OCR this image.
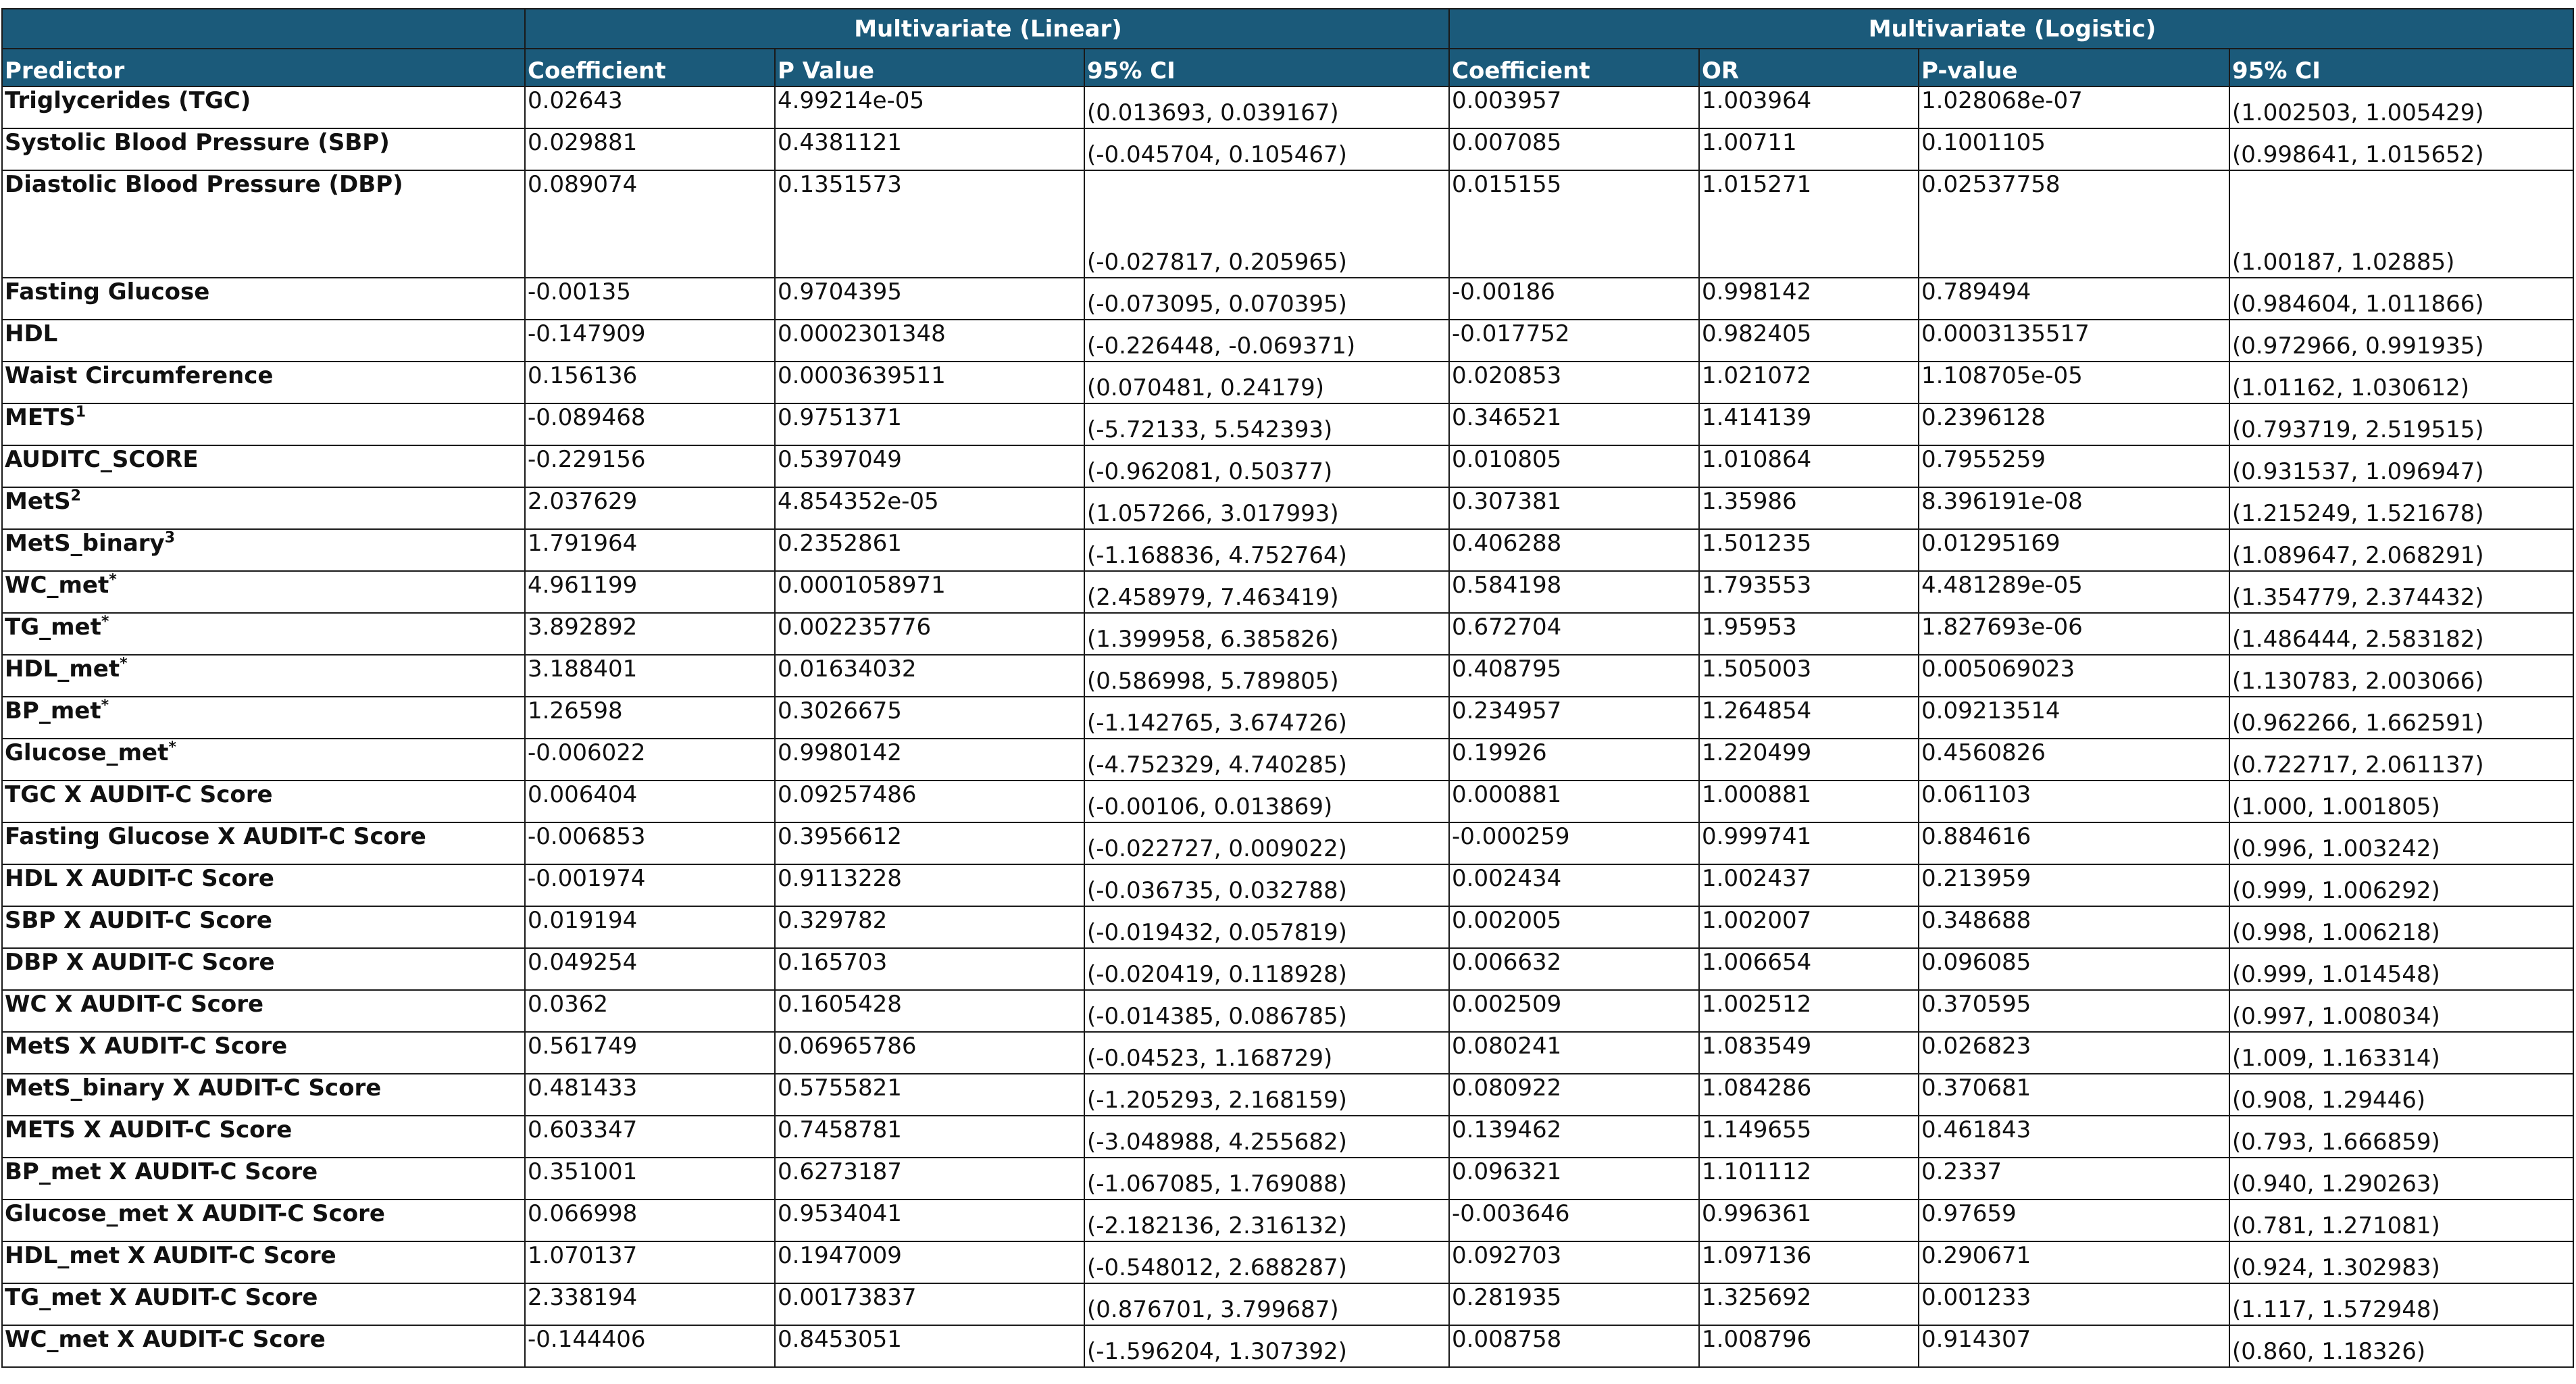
	Multivariate (Linear)			Multivariate (Logistic)			
Predictor	Coefficient	P Value	95% CI	Coefficient	OR	P-value	95% CI
Triglycerides (TGC)	0.02643	4.99214e-05	(0.013693, 0.039167)	0.003957	1.003964	1.028068e-07	(1.002503, 1.005429)
Systolic Blood Pressure (SBP)	0.029881	0.4381121	(-0.045704, 0.105467)	0.007085	1.00711	0.1001105	(0.998641, 1.015652)
Diastolic Blood Pressure (DBP)	0.089074	0.1351573	(-0.027817, 0.205965)	0.015155	1.015271	0.02537758	(1.00187, 1.02885)
Fasting Glucose	-0.00135	0.9704395	(-0.073095, 0.070395)	-0.00186	0.998142	0.789494	(0.984604, 1.011866)
HDL	-0.147909	0.0002301348	(-0.226448, -0.069371)	-0.017752	0.982405	0.0003135517	(0.972966, 0.991935)
Waist Circumference	0.156136	0.0003639511	(0.070481, 0.24179)	0.020853	1.021072	1.108705e-05	(1.01162, 1.030612)
METS$^1$	-0.089468	0.9751371	(-5.72133, 5.542393)	0.346521	1.414139	0.2396128	(0.793719, 2.519515)
AUDITC_SCORE	-0.229156	0.5397049	(-0.962081, 0.50377)	0.010805	1.010864	0.7955259	(0.931537, 1.096947)
MetS$^2$	2.037629	4.854352e-05	(1.057266, 3.017993)	0.307381	1.35986	8.396191e-08	(1.215249, 1.521678)
MetS_binary$^3$	1.791964	0.2352861	(-1.168836, 4.752764)	0.406288	1.501235	0.01295169	(1.089647, 2.068291)
WC_met*	4.961199	0.0001058971	(2.458979, 7.463419)	0.584198	1.793553	4.481289e-05	(1.354779, 2.374432)
TG_met*	3.892892	0.002235776	(1.399958, 6.385826)	0.672704	1.95953	1.827693e-06	(1.486444, 2.583182)
HDL_met*	3.188401	0.01634032	(0.586998, 5.789805)	0.408795	1.505003	0.005069023	(1.130783, 2.003066)
BP_met*	1.26598	0.3026675	(-1.142765, 3.674726)	0.234957	1.264854	0.09213514	(0.962266, 1.662591)
Glucose_met*	-0.006022	0.9980142	(-4.752329, 4.740285)	0.19926	1.220499	0.4560826	(0.722717, 2.061137)
TGC X AUDIT-C Score	0.006404	0.09257486	(-0.00106, 0.013869)	0.000881	1.000881	0.061103	(1.000, 1.001805)
Fasting Glucose X AUDIT-C Score	-0.006853	0.3956612	(-0.022727, 0.009022)	-0.000259	0.999741	0.884616	(0.996, 1.003242)
HDL X AUDIT-C Score	-0.001974	0.9113228	(-0.036735, 0.032788)	0.002434	1.002437	0.213959	(0.999, 1.006292)
SBP X AUDIT-C Score	0.019194	0.329782	(-0.019432, 0.057819)	0.002005	1.002007	0.348688	(0.998, 1.006218)
DBP X AUDIT-C Score	0.049254	0.165703	(-0.020419, 0.118928)	0.006632	1.006654	0.096085	(0.999, 1.014548)
WC X AUDIT-C Score	0.0362	0.1605428	(-0.014385, 0.086785)	0.002509	1.002512	0.370595	(0.997, 1.008034)
MetS X AUDIT-C Score	0.561749	0.06965786	(-0.04523, 1.168729)	0.080241	1.083549	0.026823	(1.009, 1.163314)
MetS_binary X AUDIT-C Score	0.481433	0.5755821	(-1.205293, 2.168159)	0.080922	1.084286	0.370681	(0.908, 1.29446)
METS X AUDIT-C Score	0.603347	0.7458781	(-3.048988, 4.255682)	0.139462	1.149655	0.461843	(0.793, 1.666859)
BP_met X AUDIT-C Score	0.351001	0.6273187	(-1.067085, 1.769088)	0.096321	1.101112	0.2337	(0.940, 1.290263)
Glucose_met X AUDIT-C Score	0.066998	0.9534041	(-2.182136, 2.316132)	-0.003646	0.996361	0.97659	(0.781, 1.271081)
HDL_met X AUDIT-C Score	1.070137	0.1947009	(-0.548012, 2.688287)	0.092703	1.097136	0.290671	(0.924, 1.302983)
TG_met X AUDIT-C Score	2.338194	0.00173837	(0.876701, 3.799687)	0.281935	1.325692	0.001233	(1.117, 1.572948)
WC_met X AUDIT-C Score	-0.144406	0.8453051	(-1.596204, 1.307392)	0.008758	1.008796	0.914307	(0.860, 1.18326)
